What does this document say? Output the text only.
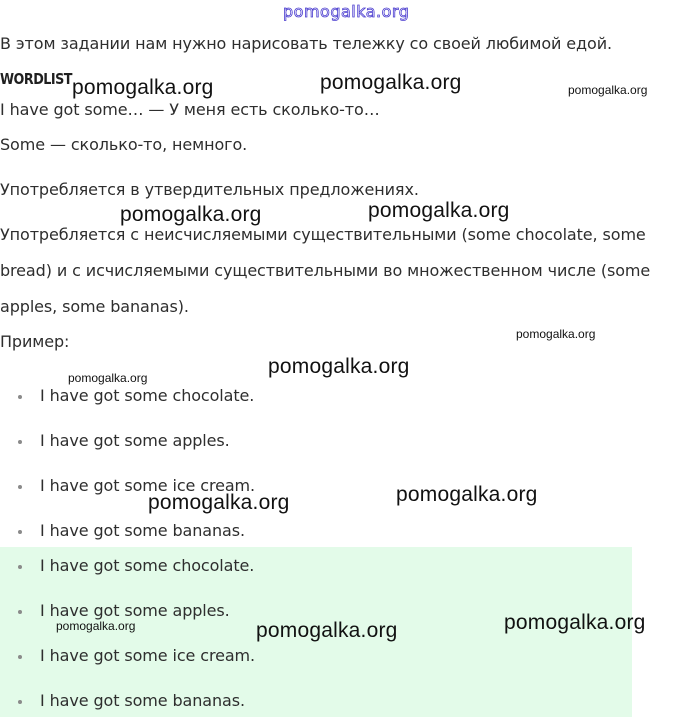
pomogalka.org
В этом задании нам нужно нарисовать тележку со своей любимой едой.
WORDLIST
I have got some… — У меня есть сколько-то…
Some — сколько-то, немного.
Употребляется в утвердительных предложениях.
Употребляется с неисчисляемыми существительными (some chocolate, some
bread) и с исчисляемыми существительными во множественном числе (some
apples, some bananas).
Пример:
I have got some chocolate.
I have got some apples.
I have got some ice cream.
I have got some bananas.
I have got some chocolate.
I have got some apples.
I have got some ice cream.
I have got some bananas.
pomogalka.org	pomogalka.org	pomogalka.org
pomogalka.org	pomogalka.org
pomogalka.org
pomogalka.org
pomogalka.org
pomogalka.org	pomogalka.org
pomogalka.org
pomogalka.org	pomogalka.org
